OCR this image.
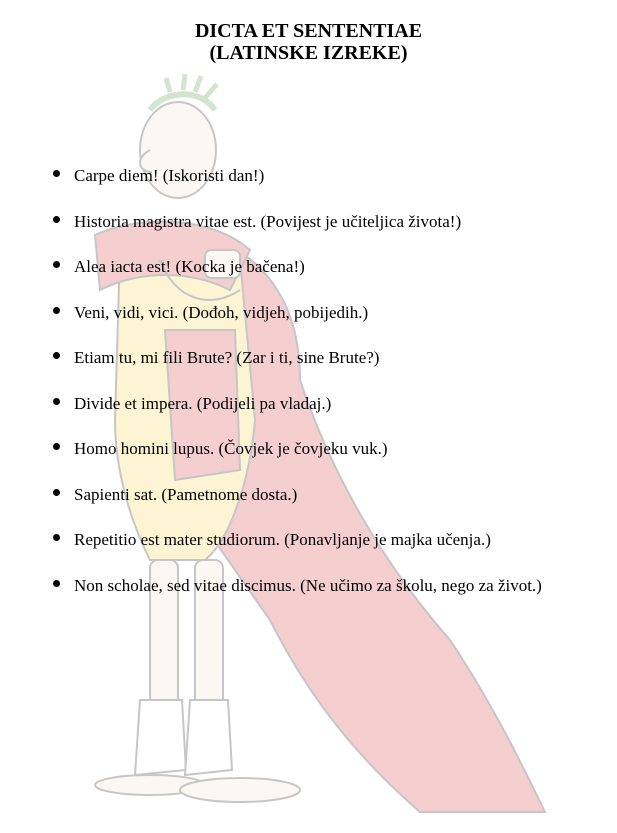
DICTA ET SENTENTIAE
(LATINSKE IZREKE)
Carpe diem! (Iskoristi dan!)
Historia magistra vitae est. (Povijest je učiteljica života!)
Alea iacta est! (Kocka je bačena!)
Veni, vidi, vici. (Dođoh, vidjeh, pobijedih.)
Etiam tu, mi fili Brute? (Zar i ti, sine Brute?)
Divide et impera. (Podijeli pa vladaj.)
Homo homini lupus. (Čovjek je čovjeku vuk.)
Sapienti sat. (Pametnome dosta.)
Repetitio est mater studiorum. (Ponavljanje je majka učenja.)
Non scholae, sed vitae discimus. (Ne učimo za školu, nego za život.)
